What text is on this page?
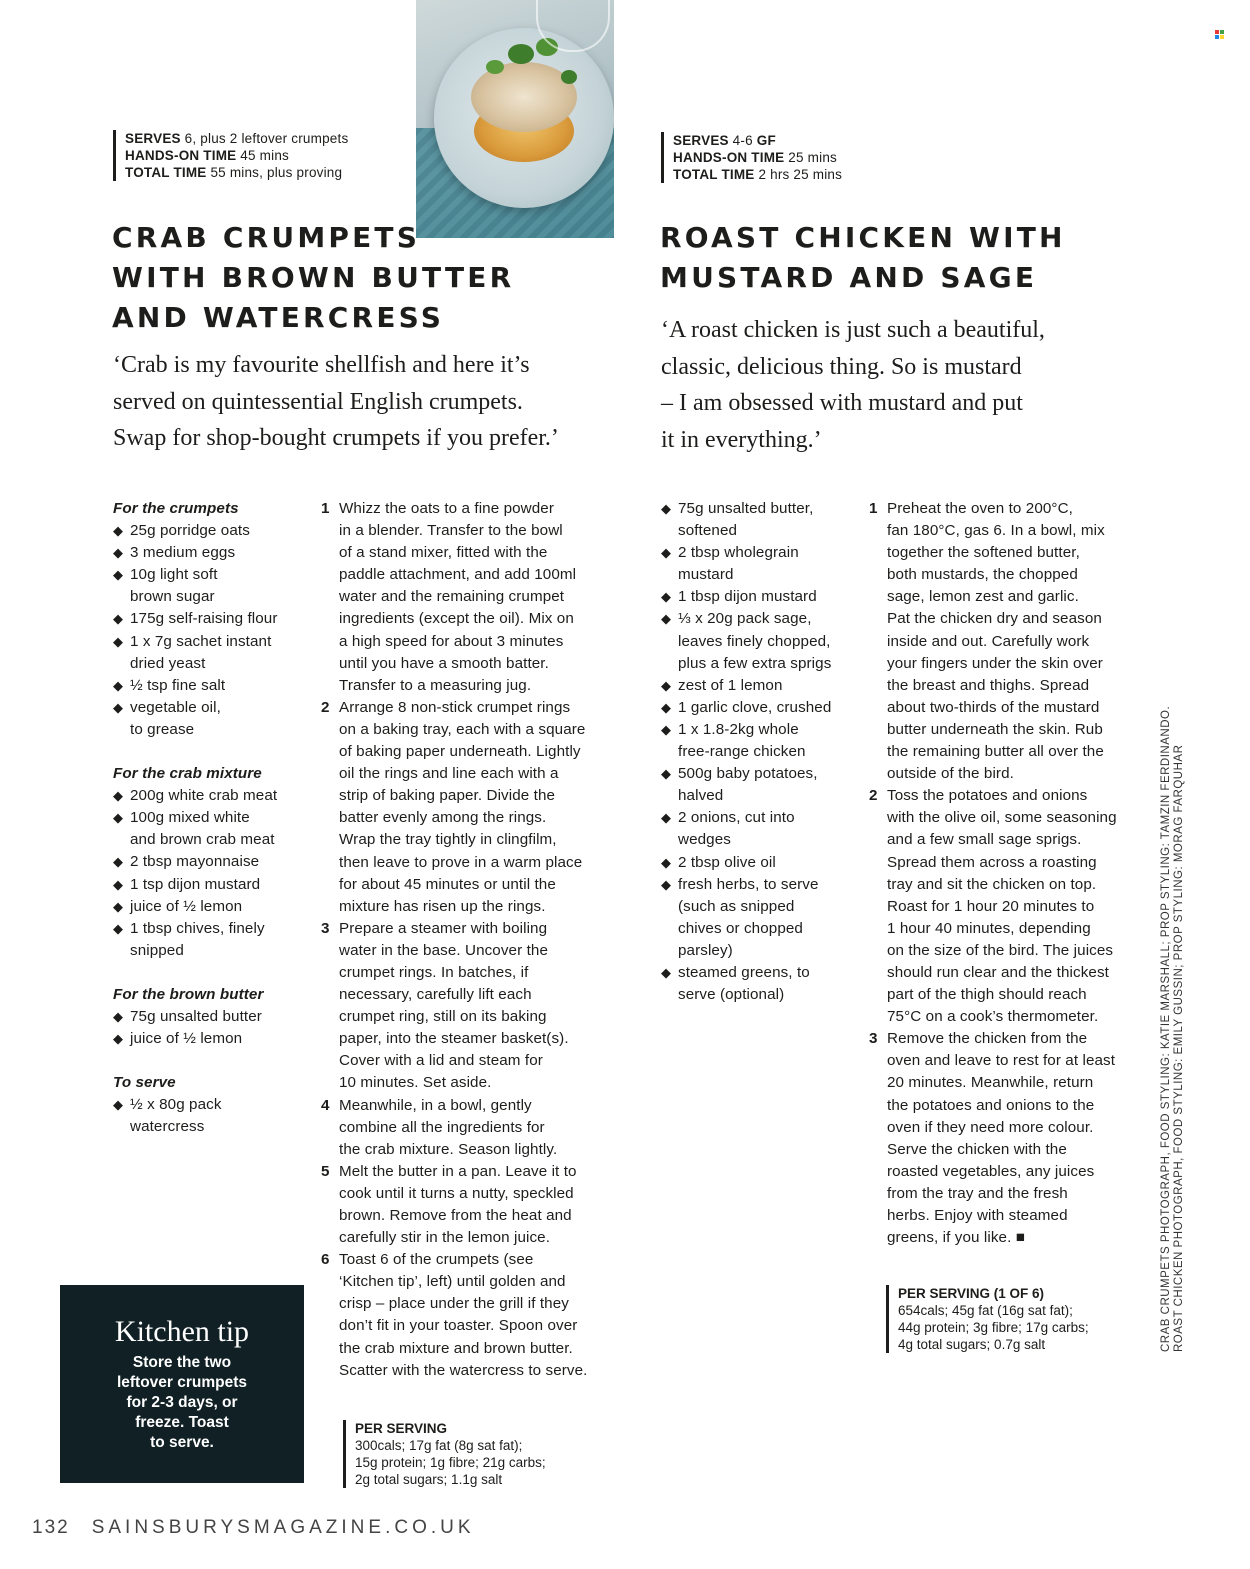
SERVES 6, plus 2 leftover crumpets
HANDS-ON TIME 45 mins
TOTAL TIME 55 mins, plus proving
CRAB CRUMPETS
WITH BROWN BUTTER
AND WATERCRESS
‘Crab is my favourite shellfish and here it’s
served on quintessential English crumpets.
Swap for shop-bought crumpets if you prefer.’
For the crumpets
◆ 25g porridge oats
◆ 3 medium eggs
◆ 10g light soft
brown sugar
◆ 175g self-raising flour
◆ 1 x 7g sachet instant
dried yeast
◆ ½ tsp fine salt
◆ vegetable oil,
to grease
For the crab mixture
◆ 200g white crab meat
◆ 100g mixed white
and brown crab meat
◆ 2 tbsp mayonnaise
◆ 1 tsp dijon mustard
◆ juice of ½ lemon
◆ 1 tbsp chives, finely
snipped
For the brown butter
◆ 75g unsalted butter
◆ juice of ½ lemon
To serve
◆ ½ x 80g pack
watercress
1 Whizz the oats to a fine powder
in a blender. Transfer to the bowl
of a stand mixer, fitted with the
paddle attachment, and add 100ml
water and the remaining crumpet
ingredients (except the oil). Mix on
a high speed for about 3 minutes
until you have a smooth batter.
Transfer to a measuring jug.
2 Arrange 8 non-stick crumpet rings
on a baking tray, each with a square
of baking paper underneath. Lightly
oil the rings and line each with a
strip of baking paper. Divide the
batter evenly among the rings.
Wrap the tray tightly in clingfilm,
then leave to prove in a warm place
for about 45 minutes or until the
mixture has risen up the rings.
3 Prepare a steamer with boiling
water in the base. Uncover the
crumpet rings. In batches, if
necessary, carefully lift each
crumpet ring, still on its baking
paper, into the steamer basket(s).
Cover with a lid and steam for
10 minutes. Set aside.
4 Meanwhile, in a bowl, gently
combine all the ingredients for
the crab mixture. Season lightly.
5 Melt the butter in a pan. Leave it to
cook until it turns a nutty, speckled
brown. Remove from the heat and
carefully stir in the lemon juice.
6 Toast 6 of the crumpets (see
‘Kitchen tip’, left) until golden and
crisp – place under the grill if they
don’t fit in your toaster. Spoon over
the crab mixture and brown butter.
Scatter with the watercress to serve.
Kitchen tip

Store the two
leftover crumpets
for 2-3 days, or
freeze. Toast
to serve.

PER SERVING
300cals; 17g fat (8g sat fat);
15g protein; 1g fibre; 21g carbs;
2g total sugars; 1.1g salt
SERVES 4-6 GF
HANDS-ON TIME 25 mins
TOTAL TIME 2 hrs 25 mins
ROAST CHICKEN WITH
MUSTARD AND SAGE
‘A roast chicken is just such a beautiful,
classic, delicious thing. So is mustard
– I am obsessed with mustard and put
it in everything.’
◆ 75g unsalted butter,
softened
◆ 2 tbsp wholegrain
mustard
◆ 1 tbsp dijon mustard
◆ ⅓ x 20g pack sage,
leaves finely chopped,
plus a few extra sprigs
◆ zest of 1 lemon
◆ 1 garlic clove, crushed
◆ 1 x 1.8-2kg whole
free-range chicken
◆ 500g baby potatoes,
halved
◆ 2 onions, cut into
wedges
◆ 2 tbsp olive oil
◆ fresh herbs, to serve
(such as snipped
chives or chopped
parsley)
◆ steamed greens, to
serve (optional)
1 Preheat the oven to 200°C,
fan 180°C, gas 6. In a bowl, mix
together the softened butter,
both mustards, the chopped
sage, lemon zest and garlic.
Pat the chicken dry and season
inside and out. Carefully work
your fingers under the skin over
the breast and thighs. Spread
about two-thirds of the mustard
butter underneath the skin. Rub
the remaining butter all over the
outside of the bird.
2 Toss the potatoes and onions
with the olive oil, some seasoning
and a few small sage sprigs.
Spread them across a roasting
tray and sit the chicken on top.
Roast for 1 hour 20 minutes to
1 hour 40 minutes, depending
on the size of the bird. The juices
should run clear and the thickest
part of the thigh should reach
75°C on a cook’s thermometer.
3 Remove the chicken from the
oven and leave to rest for at least
20 minutes. Meanwhile, return
the potatoes and onions to the
oven if they need more colour.
Serve the chicken with the
roasted vegetables, any juices
from the tray and the fresh
herbs. Enjoy with steamed
greens, if you like. ■
PER SERVING (1 OF 6)
654cals; 45g fat (16g sat fat);
44g protein; 3g fibre; 17g carbs;
4g total sugars; 0.7g salt	CRAB CRUMPETS PHOTOGRAPH, FOOD STYLING: KATIE MARSHALL; PROP STYLING: TAMZIN FERDINANDO. ROAST CHICKEN PHOTOGRAPH, FOOD STYLING: EMILY GUSSIN; PROP STYLING: MORAG FARQUHAR
132 SAINSBURYSMAGAZINE.CO.UK
